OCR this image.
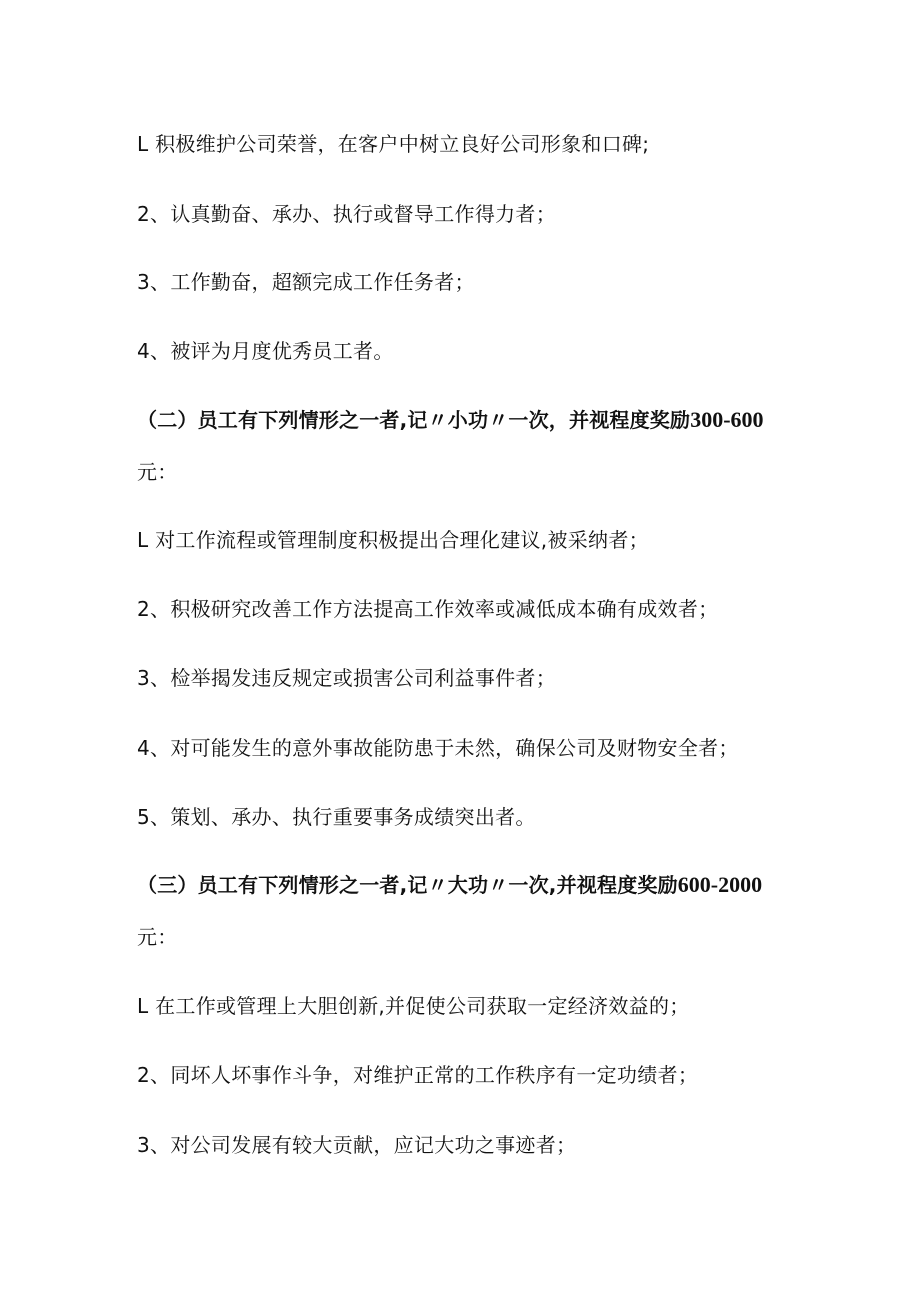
L 积极维护公司荣誉，在客户中树立良好公司形象和口碑;
2、认真勤奋、承办、执行或督导工作得力者；
3、工作勤奋，超额完成工作任务者；
4、被评为月度优秀员工者。
（二）员工有下列情形之一者,记〃小功〃一次，并视程度奖励300-600
元：
L 对工作流程或管理制度积极提出合理化建议,被采纳者；
2、积极研究改善工作方法提高工作效率或减低成本确有成效者；
3、检举揭发违反规定或损害公司利益事件者；
4、对可能发生的意外事故能防患于未然，确保公司及财物安全者；
5、策划、承办、执行重要事务成绩突出者。
（三）员工有下列情形之一者,记〃大功〃一次,并视程度奖励600-2000
元：
L 在工作或管理上大胆创新,并促使公司获取一定经济效益的；
2、同坏人坏事作斗争，对维护正常的工作秩序有一定功绩者；
3、对公司发展有较大贡献，应记大功之事迹者；
